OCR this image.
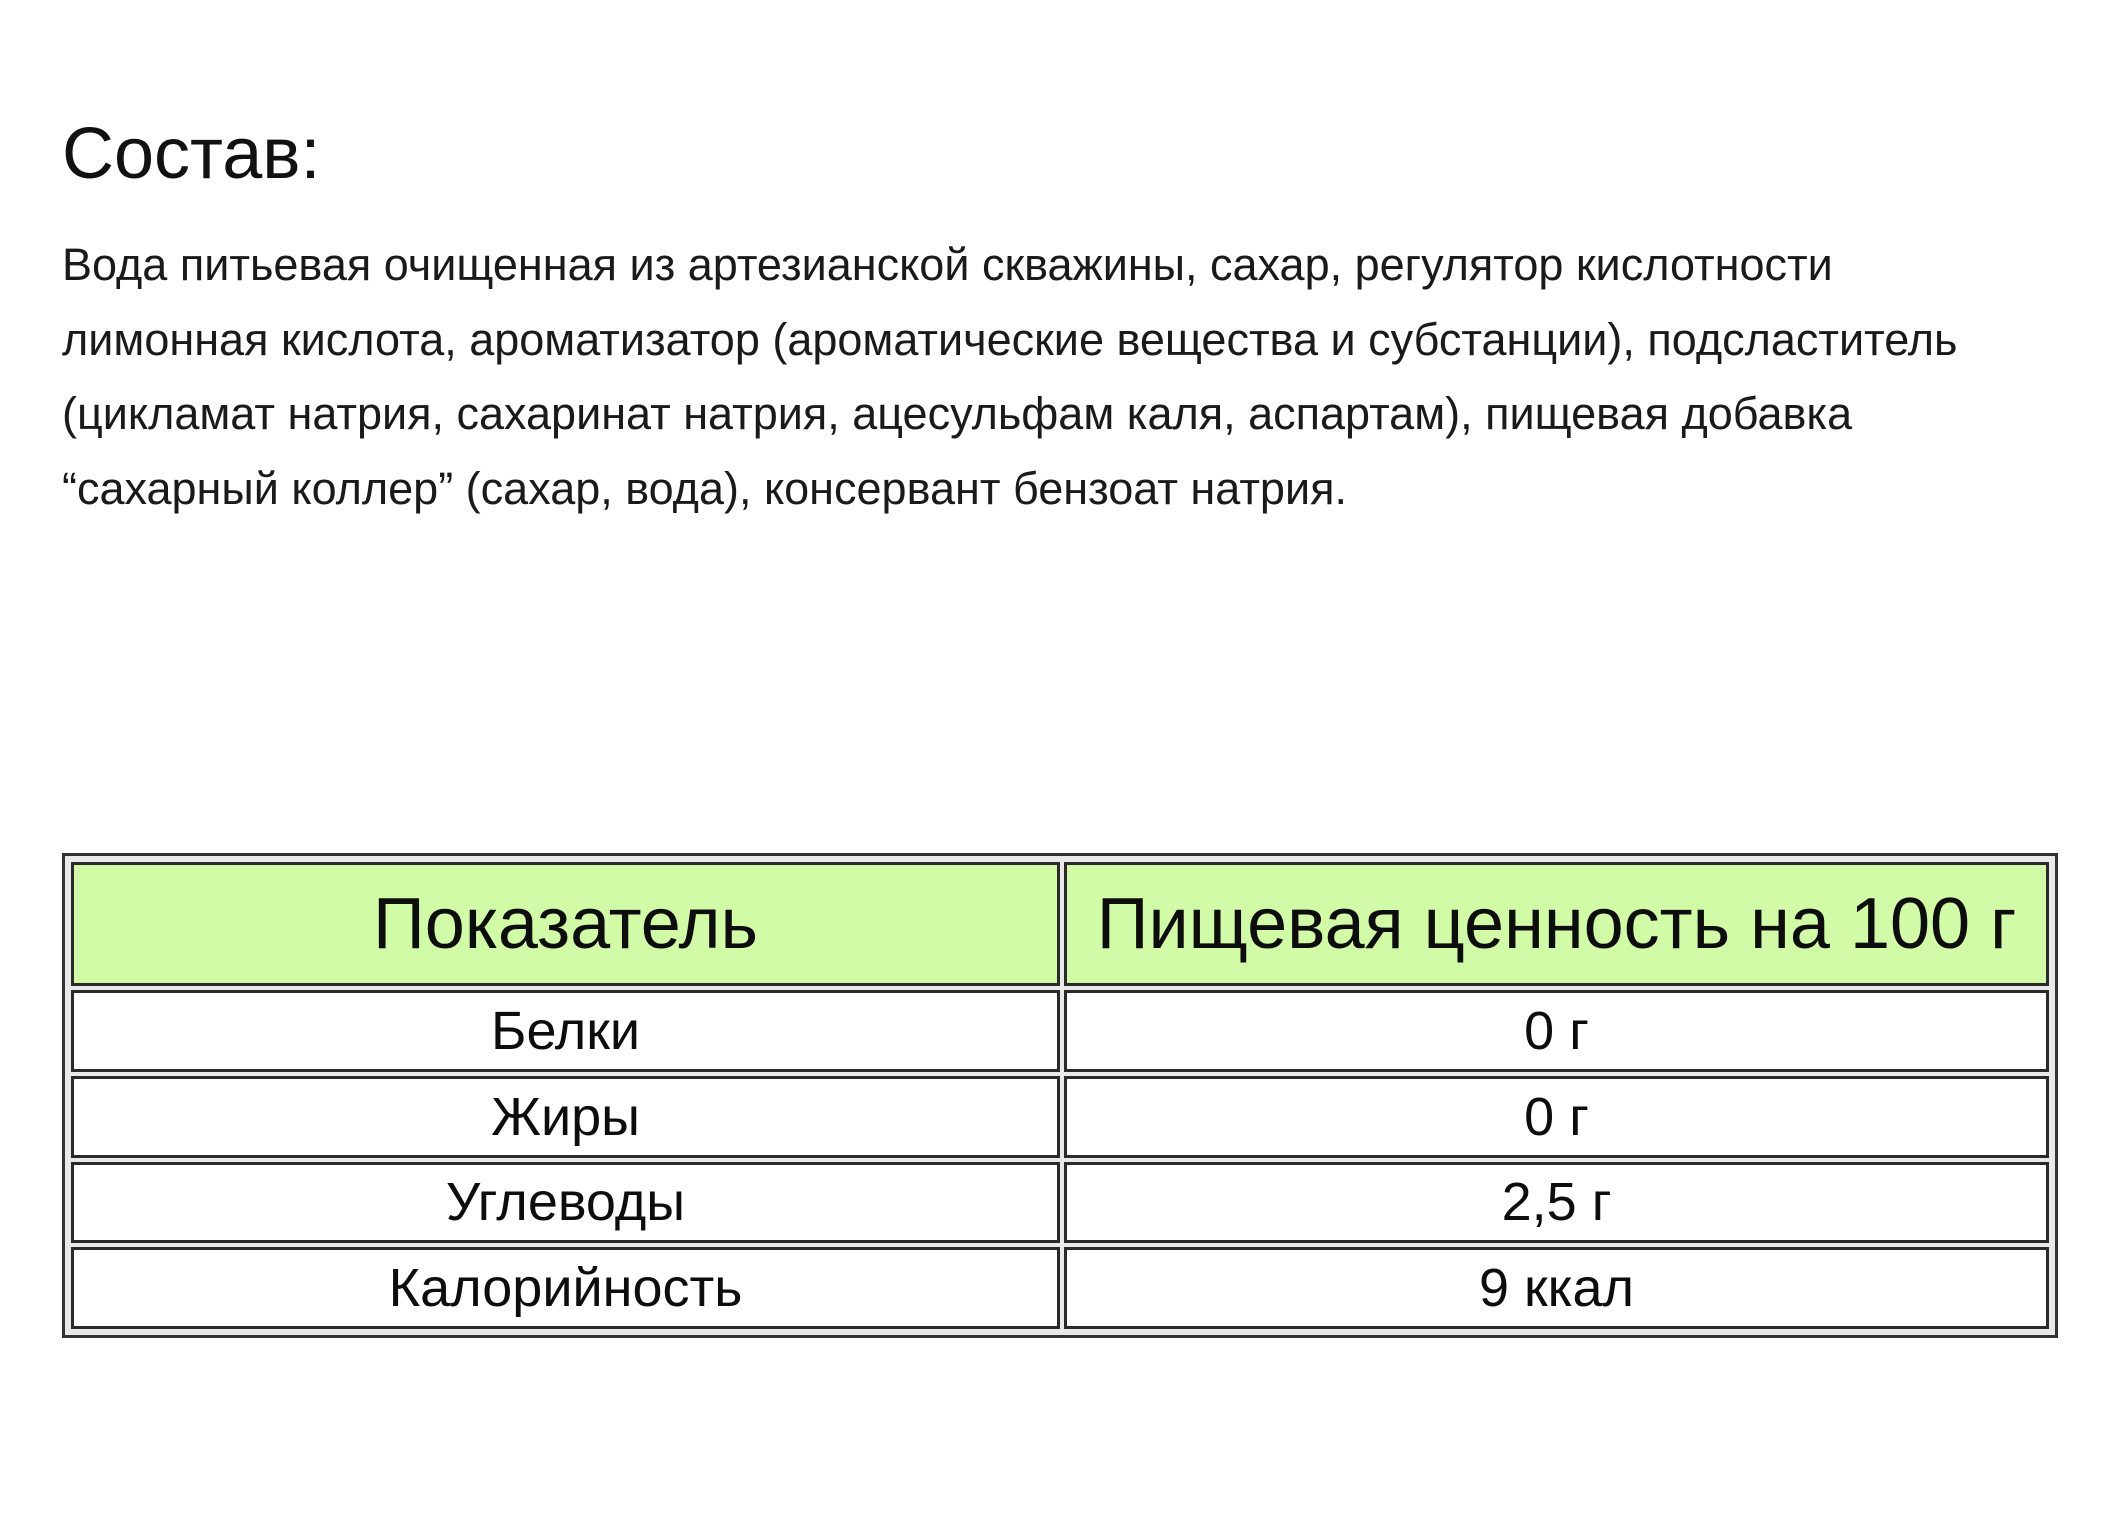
Состав:

Вода питьевая очищенная из артезианской скважины, сахар, регулятор кислотности
лимонная кислота, ароматизатор (ароматические вещества и субстанции), подсластитель
(цикламат натрия, сахаринат натрия, ацесульфам каля, аспартам), пищевая добавка
“сахарный коллер” (сахар, вода), консервант бензоат натрия.

Показатель	Пищевая ценность на 100 г
Белки	0 г
Жиры	0 г
Углеводы	2,5 г
Калорийность	9 ккал
